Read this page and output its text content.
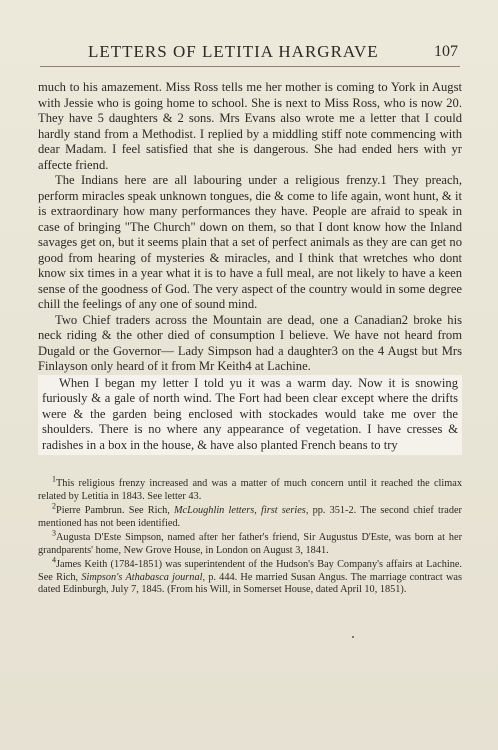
LETTERS OF LETITIA HARGRAVE	107

much to his amazement. Miss Ross tells me her mother is coming to York in Augst with Jessie who is going home to school. She is next to Miss Ross, who is now 20. They have 5 daughters & 2 sons. Mrs Evans also wrote me a letter that I could hardly stand from a Methodist. I replied by a middling stiff note commencing with dear Madam. I feel satisfied that she is dangerous. She had ended hers with yr affecte friend.

The Indians here are all labouring under a religious frenzy.1 They preach, perform miracles speak unknown tongues, die & come to life again, wont hunt, & it is extraordinary how many performances they have. People are afraid to speak in case of bringing "The Church" down on them, so that I dont know how the Inland savages get on, but it seems plain that a set of perfect animals as they are can get no good from hearing of mysteries & miracles, and I think that wretches who dont know six times in a year what it is to have a full meal, are not likely to have a keen sense of the goodness of God. The very aspect of the country would in some degree chill the feelings of any one of sound mind.

Two Chief traders across the Mountain are dead, one a Canadian2 broke his neck riding & the other died of consumption I believe. We have not heard from Dugald or the Governor— Lady Simpson had a daughter3 on the 4 Augst but Mrs Finlayson only heard of it from Mr Keith4 at Lachine.

When I began my letter I told yu it was a warm day. Now it is snowing furiously & a gale of north wind. The Fort had been clear except where the drifts were & the garden being enclosed with stockades would take me over the shoulders. There is no where any appearance of vegetation. I have cresses & radishes in a box in the house, & have also planted French beans to try

$^1$This religious frenzy increased and was a matter of much concern until it reached the climax related by Letitia in 1843. See letter 43.

$^2$Pierre Pambrun. See Rich, McLoughlin letters, first series, pp. 351-2. The second chief trader mentioned has not been identified.

$^3$Augusta D'Este Simpson, named after her father's friend, Sir Augustus D'Este, was born at her grandparents' home, New Grove House, in London on August 3, 1841.

$^4$James Keith (1784-1851) was superintendent of the Hudson's Bay Company's affairs at Lachine. See Rich, Simpson's Athabasca journal, p. 444. He married Susan Angus. The marriage contract was dated Edinburgh, July 7, 1845. (From his Will, in Somerset House, dated April 10, 1851).
